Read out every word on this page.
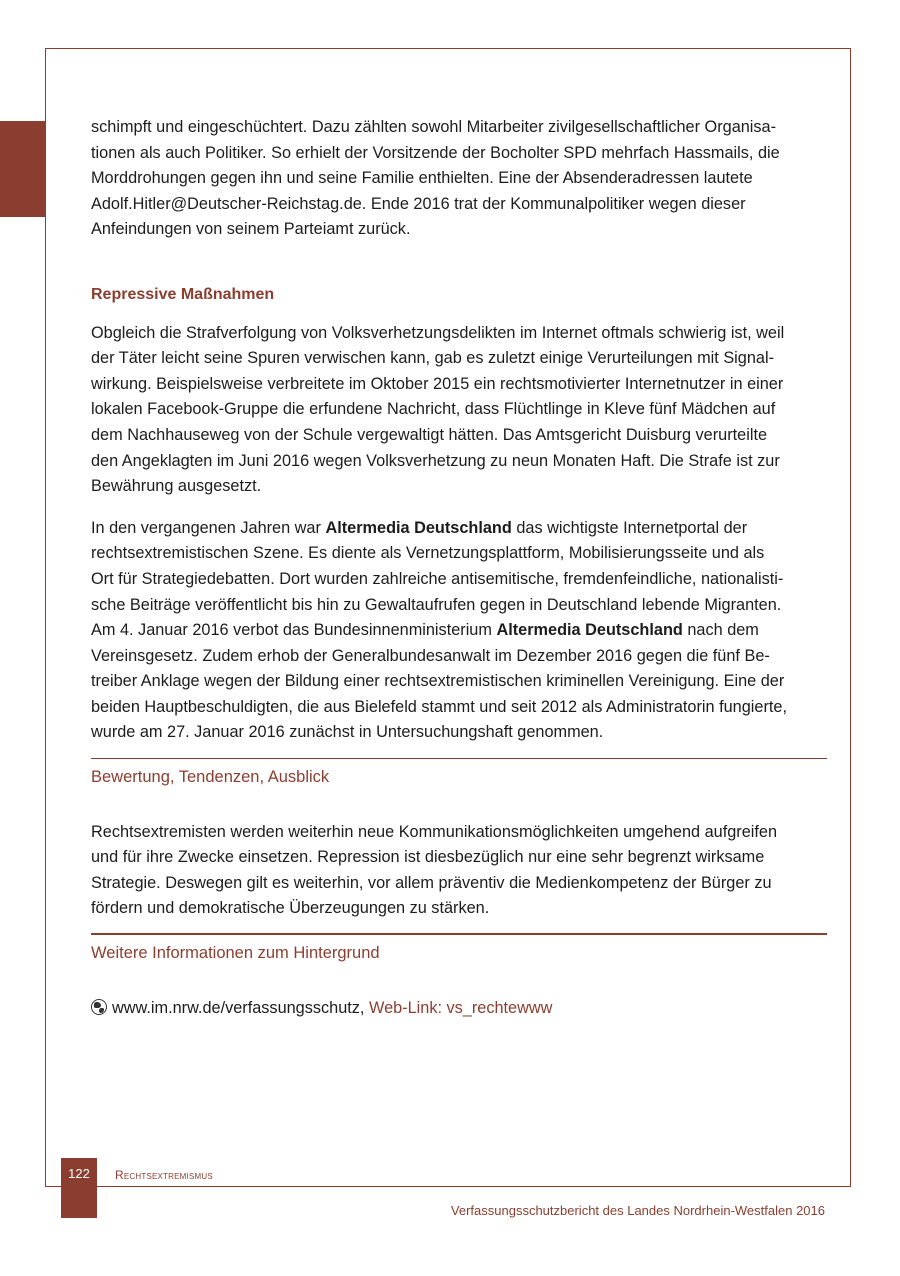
schimpft und eingeschüchtert. Dazu zählten sowohl Mitarbeiter zivilgesellschaftlicher Organisa-
tionen als auch Politiker. So erhielt der Vorsitzende der Bocholter SPD mehrfach Hassmails, die
Morddrohungen gegen ihn und seine Familie enthielten. Eine der Absenderadressen lautete
Adolf.Hitler@Deutscher-Reichstag.de. Ende 2016 trat der Kommunalpolitiker wegen dieser
Anfeindungen von seinem Parteiamt zurück.

Repressive Maßnahmen

Obgleich die Strafverfolgung von Volksverhetzungsdelikten im Internet oftmals schwierig ist, weil
der Täter leicht seine Spuren verwischen kann, gab es zuletzt einige Verurteilungen mit Signal-
wirkung. Beispielsweise verbreitete im Oktober 2015 ein rechtsmotivierter Internetnutzer in einer
lokalen Facebook-Gruppe die erfundene Nachricht, dass Flüchtlinge in Kleve fünf Mädchen auf
dem Nachhauseweg von der Schule vergewaltigt hätten. Das Amtsgericht Duisburg verurteilte
den Angeklagten im Juni 2016 wegen Volksverhetzung zu neun Monaten Haft. Die Strafe ist zur
Bewährung ausgesetzt.

In den vergangenen Jahren war Altermedia Deutschland das wichtigste Internetportal der
rechtsextremistischen Szene. Es diente als Vernetzungsplattform, Mobilisierungsseite und als
Ort für Strategiedebatten. Dort wurden zahlreiche antisemitische, fremdenfeindliche, nationalisti-
sche Beiträge veröffentlicht bis hin zu Gewaltaufrufen gegen in Deutschland lebende Migranten.
Am 4. Januar 2016 verbot das Bundesinnenministerium Altermedia Deutschland nach dem
Vereinsgesetz. Zudem erhob der Generalbundesanwalt im Dezember 2016 gegen die fünf Be-
treiber Anklage wegen der Bildung einer rechtsextremistischen kriminellen Vereinigung. Eine der
beiden Hauptbeschuldigten, die aus Bielefeld stammt und seit 2012 als Administratorin fungierte,
wurde am 27. Januar 2016 zunächst in Untersuchungshaft genommen.

Bewertung, Tendenzen, Ausblick

Rechtsextremisten werden weiterhin neue Kommunikationsmöglichkeiten umgehend aufgreifen
und für ihre Zwecke einsetzen. Repression ist diesbezüglich nur eine sehr begrenzt wirksame
Strategie. Deswegen gilt es weiterhin, vor allem präventiv die Medienkompetenz der Bürger zu
fördern und demokratische Überzeugungen zu stärken.

Weitere Informationen zum Hintergrund

www.im.nrw.de/verfassungsschutz, Web-Link: vs_rechtewww

122	Rechtsextremismus
Verfassungsschutzbericht des Landes Nordrhein-Westfalen 2016
